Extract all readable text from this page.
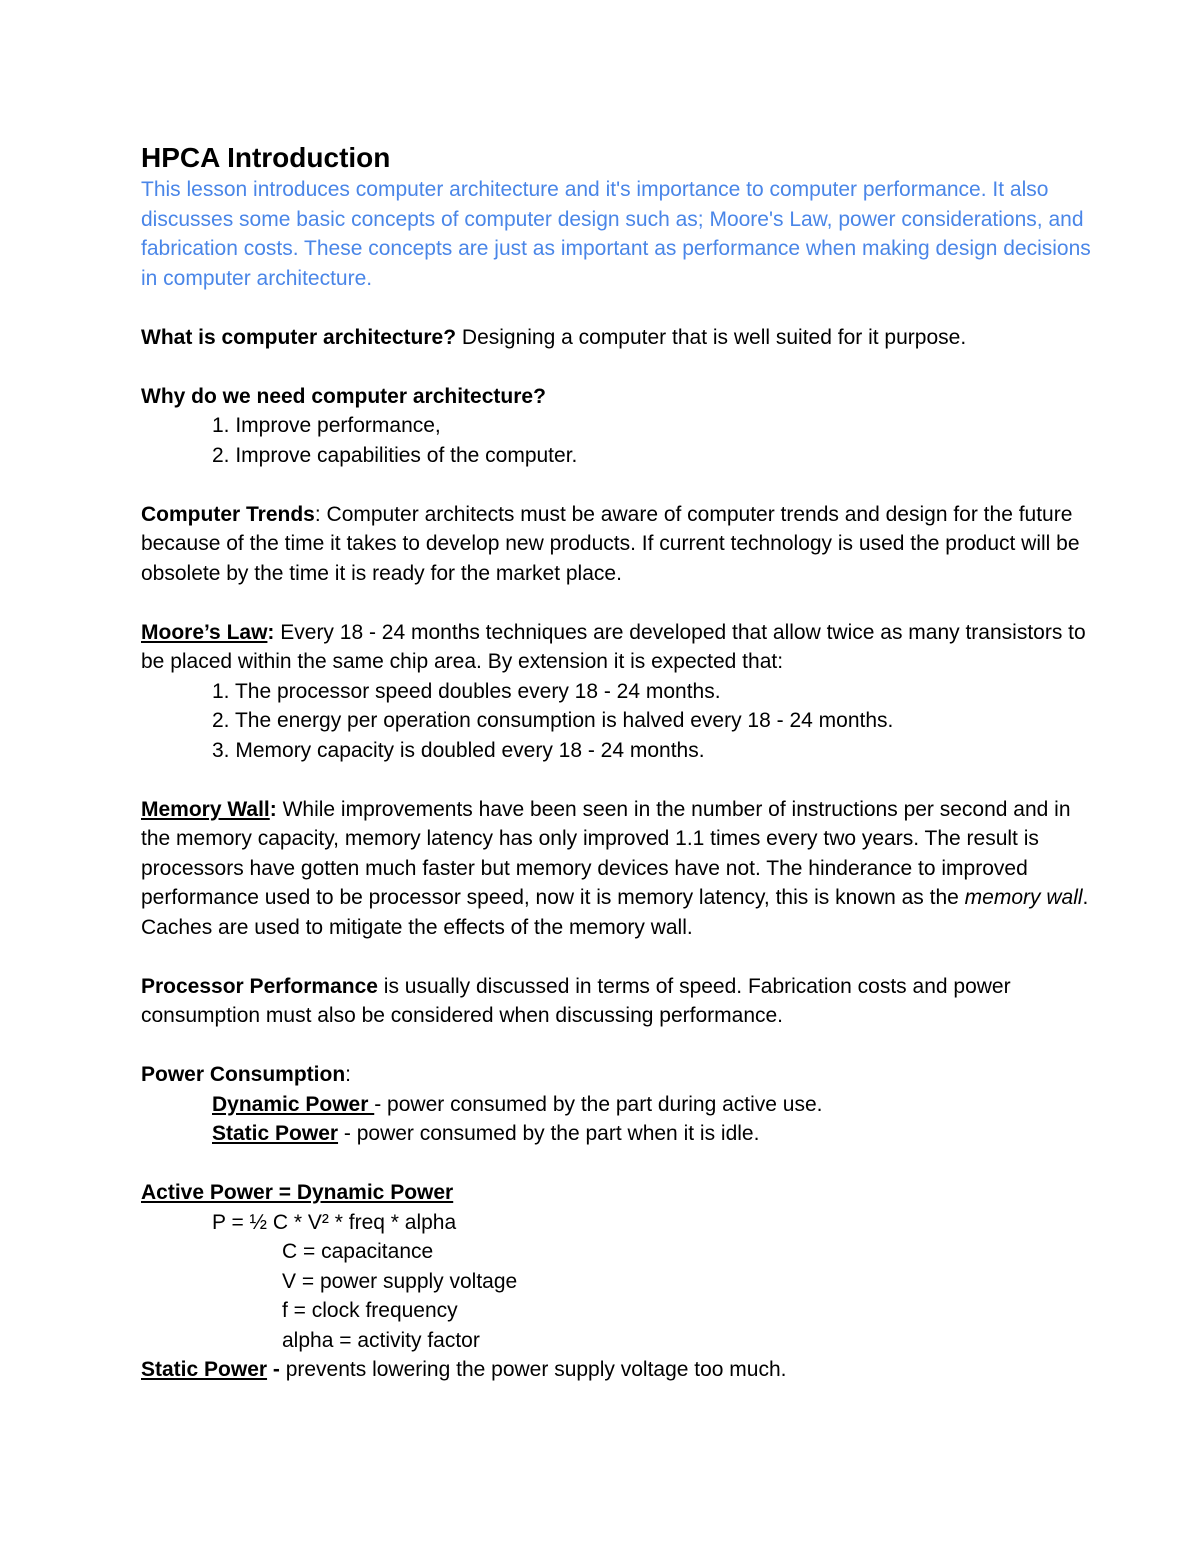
HPCA Introduction

This lesson introduces computer architecture and it's importance to computer performance. It also discusses some basic concepts of computer design such as; Moore's Law, power considerations, and fabrication costs. These concepts are just as important as performance when making design decisions in computer architecture.

What is computer architecture? Designing a computer that is well suited for it purpose.

Why do we need computer architecture?

1. Improve performance,

2. Improve capabilities of the computer.

Computer Trends: Computer architects must be aware of computer trends and design for the future because of the time it takes to develop new products. If current technology is used the product will be obsolete by the time it is ready for the market place.

Moore’s Law: Every 18 - 24 months techniques are developed that allow twice as many transistors to be placed within the same chip area. By extension it is expected that:

1. The processor speed doubles every 18 - 24 months.

2. The energy per operation consumption is halved every 18 - 24 months.

3. Memory capacity is doubled every 18 - 24 months.

Memory Wall: While improvements have been seen in the number of instructions per second and in the memory capacity, memory latency has only improved 1.1 times every two years. The result is processors have gotten much faster but memory devices have not. The hinderance to improved performance used to be processor speed, now it is memory latency, this is known as the memory wall. Caches are used to mitigate the effects of the memory wall.

Processor Performance is usually discussed in terms of speed. Fabrication costs and power consumption must also be considered when discussing performance.

Power Consumption:

Dynamic Power - power consumed by the part during active use.

Static Power - power consumed by the part when it is idle.

Active Power = Dynamic Power

P = ½ C * V² * freq * alpha

C = capacitance

V = power supply voltage

f = clock frequency

alpha = activity factor

Static Power - prevents lowering the power supply voltage too much.
